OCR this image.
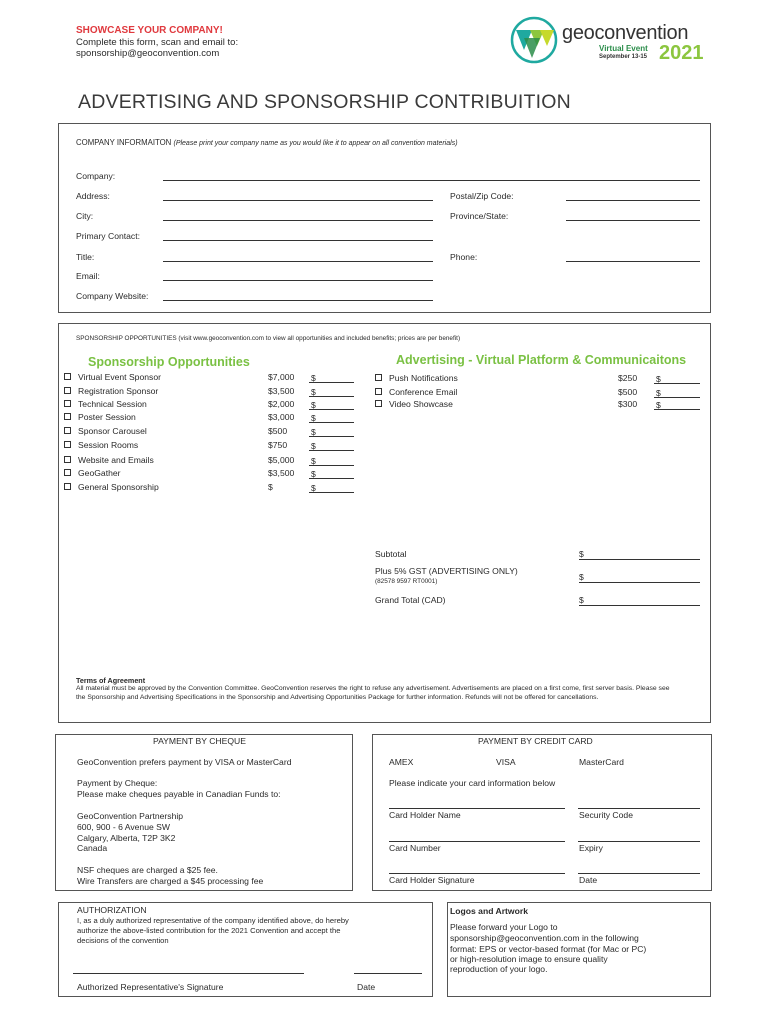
SHOWCASE YOUR COMPANY!
Complete this form, scan and email to:
sponsorship@geoconvention.com
geoconvention
Virtual Event
September 13-15 2021
ADVERTISING AND SPONSORSHIP CONTRIBUITION
COMPANY INFORMAITON (Please print your company name as you would like it to appear on all convention materials)
Company:
Address:	Postal/Zip Code:
City:	Province/State:
Primary Contact:
Title:	Phone:
Email:
Company Website:
SPONSORSHIP OPPORTUNITIES (visit www.geoconvention.com to view all opportunities and included benefits; prices are per benefit)
Sponsorship Opportunities	Advertising - Virtual Platform & Communicaitons
Virtual Event Sponsor	$7,000 $
Registration Sponsor	$3,500 $
Technical Session	$2,000 $
Poster Session	$3,000 $
Sponsor Carousel	$500	$
Session Rooms	$750	$
Website and Emails	$5,000 $
GeoGather	$3,500 $
General Sponsorship	$	$
Push Notifications	$250 $
Conference Email	$500 $
Video Showcase	$300 $
Subtotal	$
Plus 5% GST (ADVERTISING ONLY)
(82578 9597 RT0001)	$
Grand Total (CAD)	$
Terms of Agreement
All material must be approved by the Convention Committee. GeoConvention reserves the right to refuse any advertisement. Advertisements are placed on a first come, first server basis. Please see the Sponsorship and Advertising Specifications in the Sponsorship and Advertising Opportunities Package for further information. Refunds will not be offered for cancellations.
PAYMENT BY CHEQUE
GeoConvention prefers payment by VISA or MasterCard
Payment by Cheque:
Please make cheques payable in Canadian Funds to:
GeoConvention Partnership
600, 900 - 6 Avenue SW
Calgary, Alberta, T2P 3K2
Canada
NSF cheques are charged a $25 fee.
Wire Transfers are charged a $45 processing fee
PAYMENT BY CREDIT CARD
AMEX	VISA	MasterCard
Please indicate your card information below
Card Holder Name	Security Code
Card Number	Expiry
Card Holder Signature	Date
AUTHORIZATION
I, as a duly authorized representative of the company identified above, do hereby
authorize the above-listed contribution for the 2021 Convention and accept the
decisions of the convention
Authorized Representative's Signature	Date
Logos and Artwork
Please forward your Logo to
sponsorship@geoconvention.com in the following
format: EPS or vector-based format (for Mac or PC)
or high-resolution image to ensure quality
reproduction of your logo.
